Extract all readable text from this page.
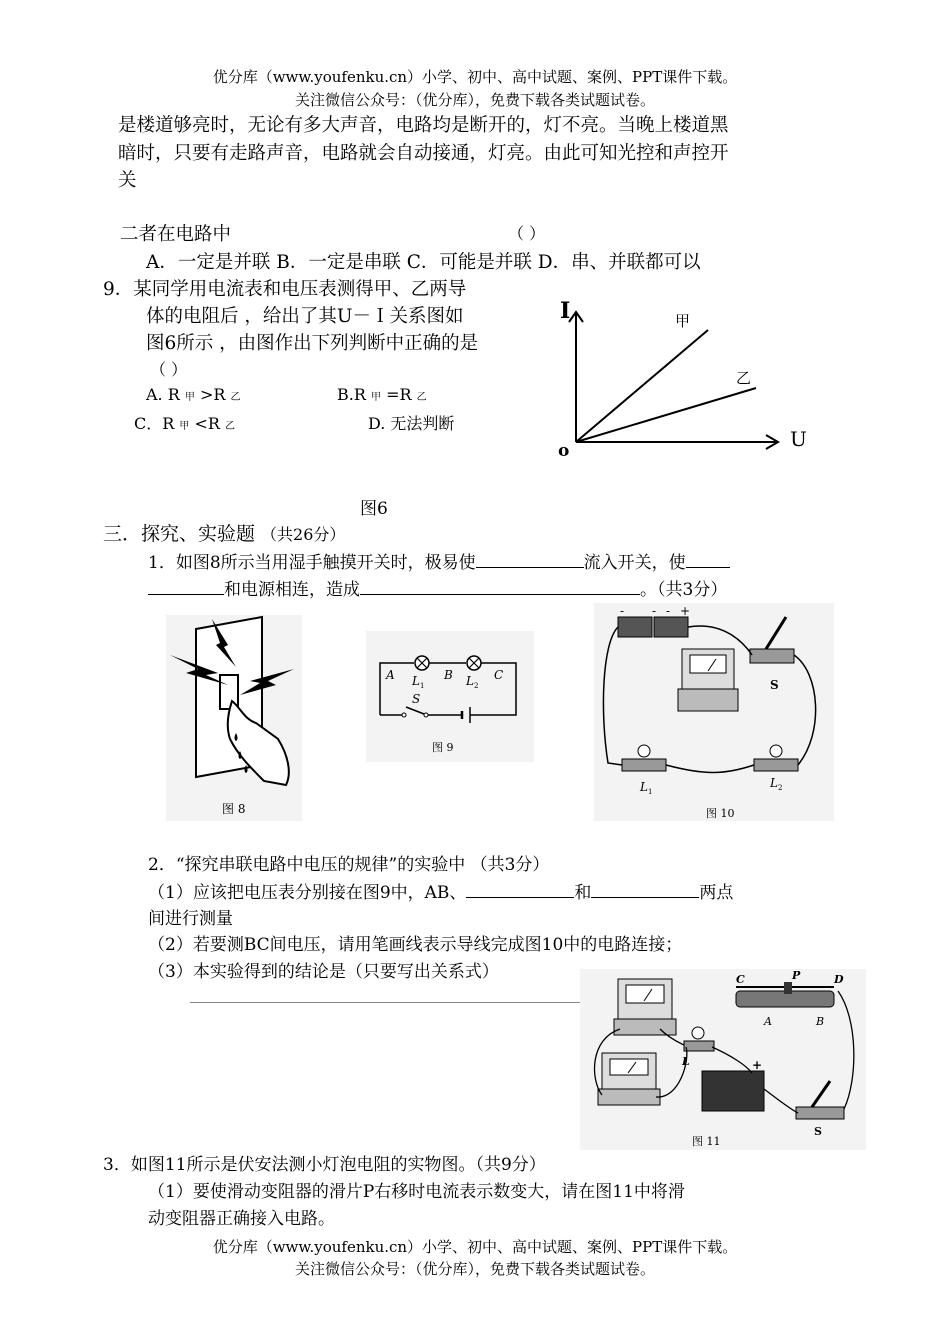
优分库（www.youfenku.cn）小学、初中、高中试题、案例、PPT课件下载。
关注微信公众号：（优分库），免费下载各类试题试卷。
是楼道够亮时，无论有多大声音，电路均是断开的，灯不亮。当晚上楼道黑
暗时，只要有走路声音，电路就会自动接通，灯亮。由此可知光控和声控开
关
二者在电路中	（ ）
A．一定是并联 B．一定是串联 C．可能是并联 D．串、并联都可以
9．某同学用电流表和电压表测得甲、乙两导
体的电阻后 ，给出了其U－Ｉ关系图如
图6所示 ，由图作出下列判断中正确的是
（ ）
A. R 甲 >R 乙	B.R 甲 =R 乙
C．R 甲 <R 乙	D. 无法判断
I
U
o
甲
乙
图6
三．探究、实验题 （共26分）
1．如图8所示当用湿手触摸开关时，极易使	流入开关，使
和电源相连，造成	。（共3分）
图 8
A L 1
B L 2
C
S
图 9
- - - +
S
L 1
L 2
图 10
2．“探究串联电路中电压的规律”的实验中 （共3分）
（1）应该把电压表分别接在图9中，AB、	和	两点
间进行测量
（2）若要测BC间电压，请用笔画线表示导线完成图10中的电路连接；
（3）本实验得到的结论是（只要写出关系式）	C	P	D
A	B
L	+
S
图 11
3．如图11所示是伏安法测小灯泡电阻的实物图。（共9分）
（1）要使滑动变阻器的滑片P右移时电流表示数变大，请在图11中将滑
动变阻器正确接入电路。
优分库（www.youfenku.cn）小学、初中、高中试题、案例、PPT课件下载。
关注微信公众号：（优分库），免费下载各类试题试卷。
